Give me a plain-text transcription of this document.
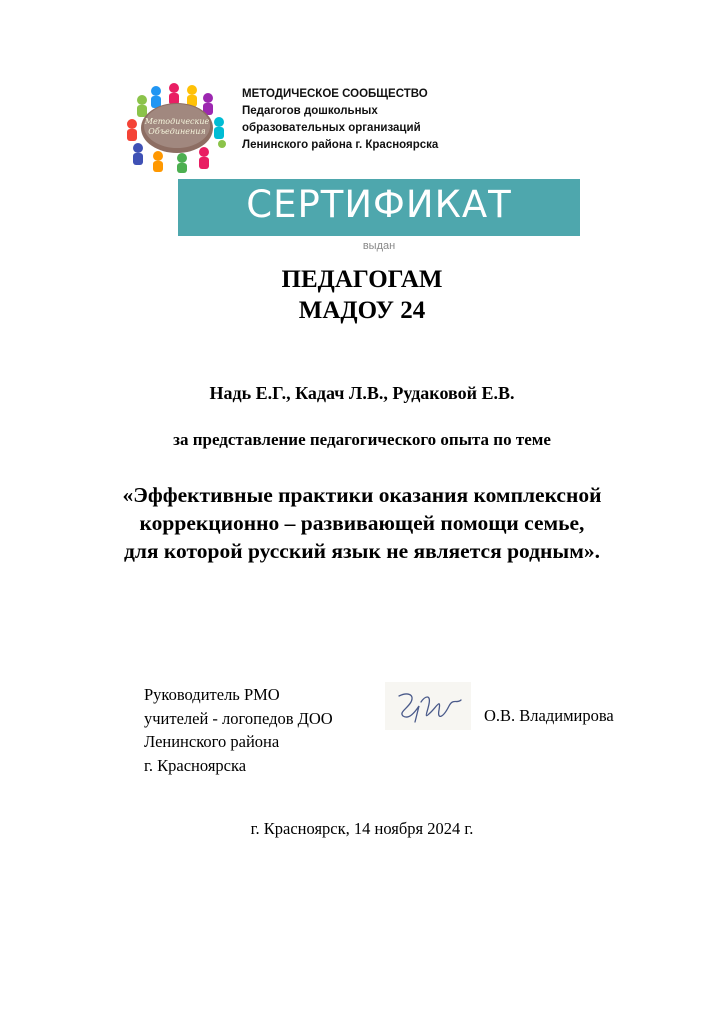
Методические
Объединения
МЕТОДИЧЕСКОЕ СООБЩЕСТВО
Педагогов дошкольных
образовательных организаций
Ленинского района г. Красноярска
СЕРТИФИКАТ
выдан
ПЕДАГОГАМ
МАДОУ 24
Надь Е.Г., Кадач Л.В., Рудаковой Е.В.
за представление педагогического опыта по теме
«Эффективные практики оказания комплексной
коррекционно – развивающей помощи семье,
для которой русский язык не является родным».
Руководитель РМО
учителей - логопедов ДОО
Ленинского района
г. Красноярска
О.В. Владимирова
г. Красноярск, 14 ноября 2024 г.
